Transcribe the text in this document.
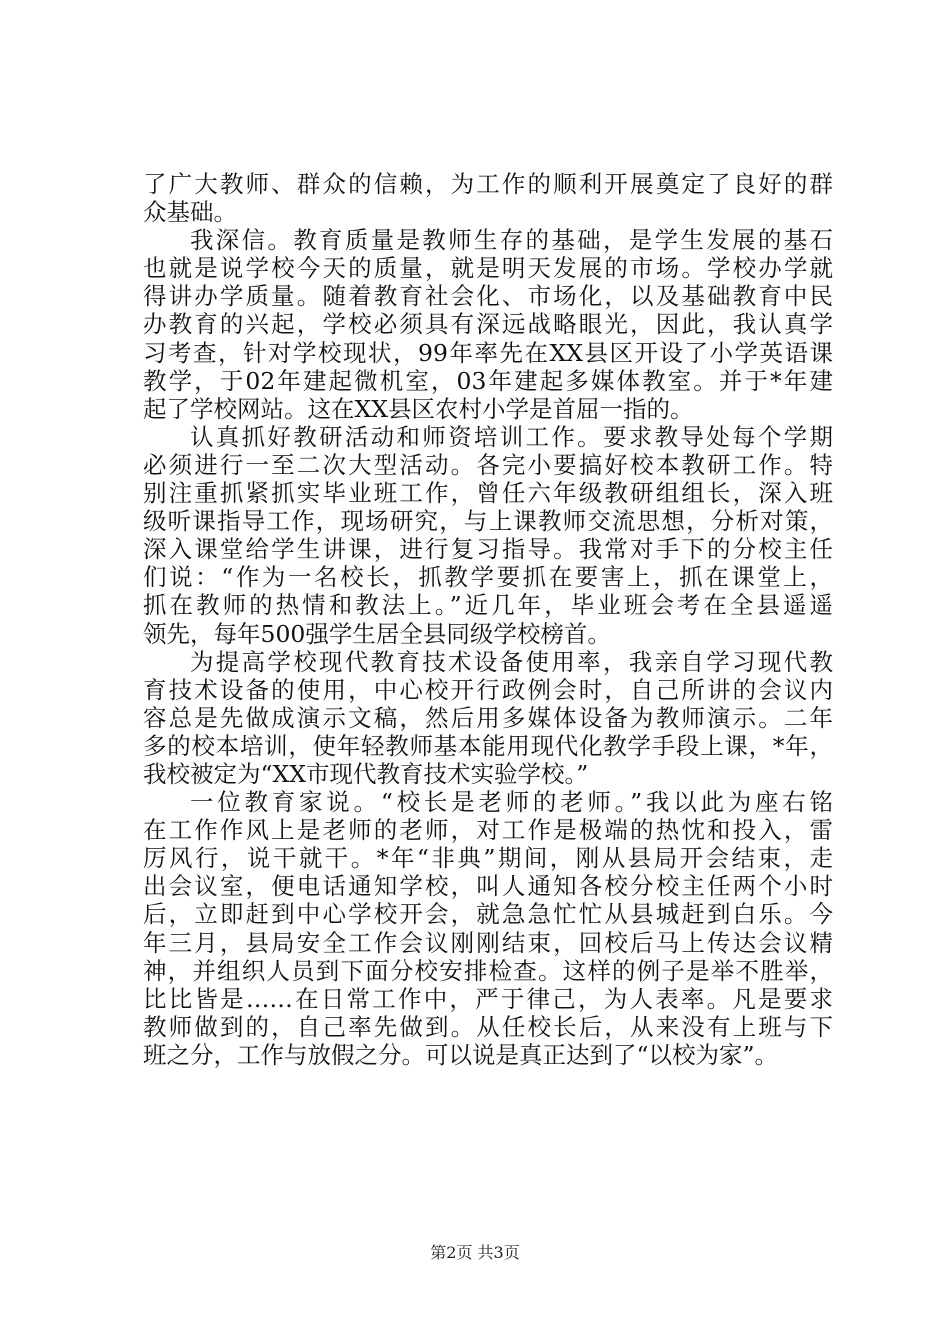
了广大教师、群众的信赖，为工作的顺利开展奠定了良好的群
众基础。
我深信。教育质量是教师生存的基础，是学生发展的基石
也就是说学校今天的质量，就是明天发展的市场。学校办学就
得讲办学质量。随着教育社会化、市场化，以及基础教育中民
办教育的兴起，学校必须具有深远战略眼光，因此，我认真学
习考查，针对学校现状，99年率先在XX县区开设了小学英语课
教学，于02年建起微机室，03年建起多媒体教室。并于*年建
起了学校网站。这在XX县区农村小学是首屈一指的。
认真抓好教研活动和师资培训工作。要求教导处每个学期
必须进行一至二次大型活动。各完小要搞好校本教研工作。特
别注重抓紧抓实毕业班工作，曾任六年级教研组组长，深入班
级听课指导工作，现场研究，与上课教师交流思想，分析对策，
深入课堂给学生讲课，进行复习指导。我常对手下的分校主任
们说：“作为一名校长，抓教学要抓在要害上，抓在课堂上，
抓在教师的热情和教法上。”近几年，毕业班会考在全县遥遥
领先，每年500强学生居全县同级学校榜首。
为提高学校现代教育技术设备使用率，我亲自学习现代教
育技术设备的使用，中心校开行政例会时，自己所讲的会议内
容总是先做成演示文稿，然后用多媒体设备为教师演示。二年
多的校本培训，使年轻教师基本能用现代化教学手段上课，*年，
我校被定为“XX市现代教育技术实验学校。”
一位教育家说。“校长是老师的老师。”我以此为座右铭
在工作作风上是老师的老师，对工作是极端的热忱和投入，雷
厉风行，说干就干。*年“非典”期间，刚从县局开会结束，走
出会议室，便电话通知学校，叫人通知各校分校主任两个小时
后，立即赶到中心学校开会，就急急忙忙从县城赶到白乐。今
年三月，县局安全工作会议刚刚结束，回校后马上传达会议精
神，并组织人员到下面分校安排检查。这样的例子是举不胜举，
比比皆是……在日常工作中，严于律己，为人表率。凡是要求
教师做到的，自己率先做到。从任校长后，从来没有上班与下
班之分，工作与放假之分。可以说是真正达到了“以校为家”。
第2页 共3页
